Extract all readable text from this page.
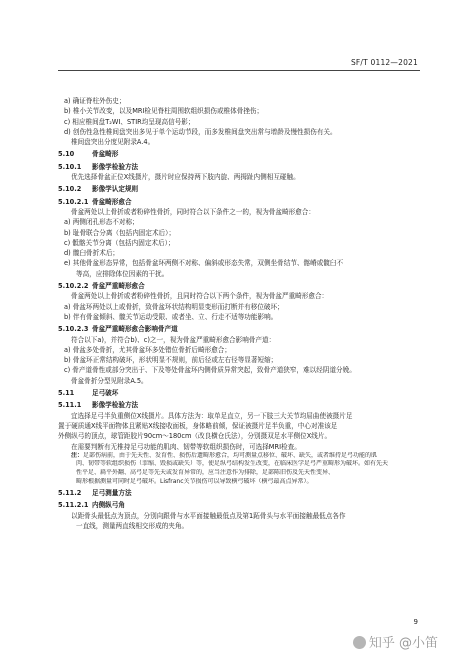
SF/T 0112—2021
a) 确证脊柱外伤史；
b) 椎小关节改变，以及MRI检见脊柱周围软组织损伤或椎体骨挫伤；
c) 相应椎间盘T₂WI、STIR均呈现高信号影；
d) 创伤性急性椎间盘突出多见于单个运动节段，而多发椎间盘突出常与增龄及慢性损伤有关。
椎间盘突出分度见附录A.4。
5.10	骨盆畸形
5.10.1 影像学检验方法
优先选择骨盆正位X线摄片，摄片时应保持两下肢内旋、两拇趾内侧相互碰触。
5.10.2 影像学认定规则
5.10.2.1 骨盆畸形愈合
骨盆两处以上骨折或者粉碎性骨折，同时符合以下条件之一的，视为骨盆畸形愈合：
a) 两侧闭孔形态不对称；
b) 耻骨联合分离（包括内固定术后）；
c) 骶髂关节分离（包括内固定术后）；
d) 髋臼骨折术后；
e) 其他骨盆形态异常，包括骨盆环两侧不对称、偏斜或形态失常，双侧坐骨结节、髂嵴或髋臼不
等高，应排除体位因素的干扰。
5.10.2.2 骨盆严重畸形愈合
骨盆两处以上骨折或者粉碎性骨折，且同时符合以下两个条件，视为骨盆严重畸形愈合：
a) 骨盆环两处以上或骨折，致骨盆环状结构明显变形而打断并有移位破坏；
b) 伴有骨盆倾斜、髋关节运动受限、或者坐、立、行走不适等功能影响。
5.10.2.3 骨盆严重畸形愈合影响骨产道
符合以下a)，并符合b)、c)之一，视为骨盆严重畸形愈合影响骨产道：
a) 骨盆多处骨折，尤其骨盆环多处错位骨折后畸形愈合；
b) 骨盆环正常结构破坏，形状明显不规则，前后径或左右径等显著短缩；
c) 骨产道骨性或部分突出于、下及等处骨盆环内侧骨质异常突起，致骨产道狭窄，难以经阴道分娩。
骨盆骨折分型见附录A.5。
5.11	足弓破坏
5.11.1 影像学检验方法
宜选择足弓半负重侧位X线摄片。具体方法为：取单足直立，另一下肢三大关节均屈曲使被摄片足
置于硬质通X线平面物体且紧贴X线接收面板，身体略前倾，保证被摄片足半负重，中心对准该足
外侧纵弓的顶点，球管距胶片90cm～180cm（改良横仓氏法），分别摄双足水平侧位X线片。
在需要判断有无椎持足弓功能的肌肉、韧带等软组织损伤时，可选择MRI检查。
注：足部伤病前，由于先天性、发育性、损伤后遗畸形愈合，均可测量点移位、破坏、缺失，或者维持足弓功能的肌
肉、韧带等软组织损伤（挛缩、毁损或缺失）等，使足纵弓结构发生改变，在临床医学足弓严重畸形为破坏。如有先天
性平足、扁平外翻、高弓足等先天或发育异常的，应当注意作为排除，足部陈旧伤及先天性变异、
畸形根据测量可同时足弓破坏。Lisfranc关节损伤可以导致横弓破坏（横弓最高点异常）。
5.11.2 足弓测量方法
5.11.2.1 内侧纵弓角
以距骨头最低点为顶点，分别向跟骨与水平面接触最低点及第1跖骨头与水平面接触最低点各作
一直线，测量两直线相交形成的夹角。
9
知乎 @小笛
